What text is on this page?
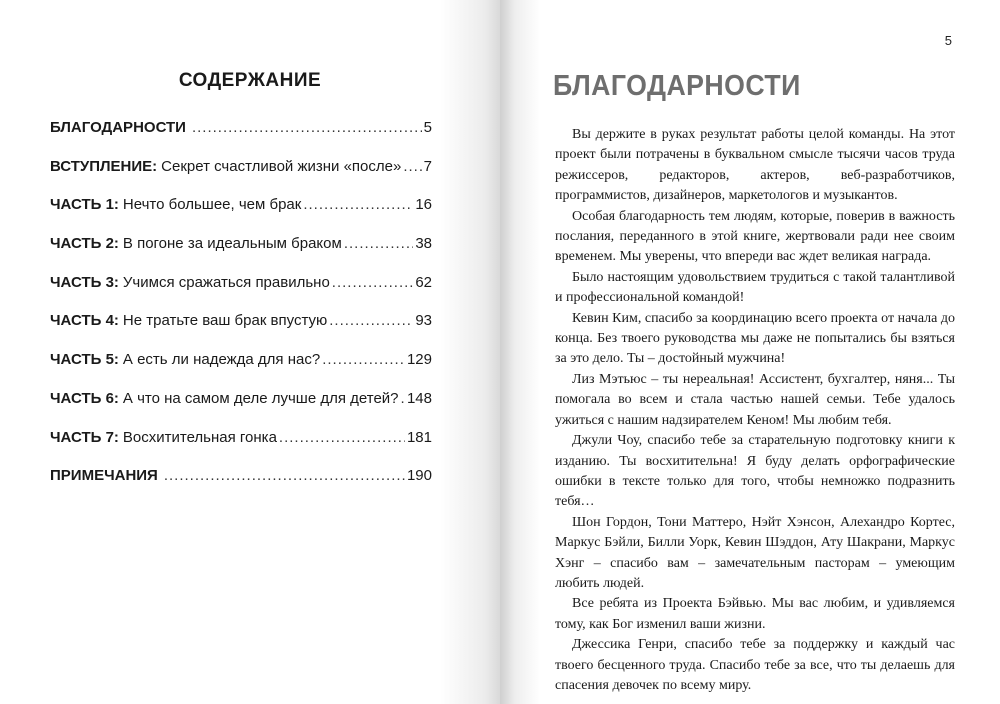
СОДЕРЖАНИЕ
БЛАГОДАРНОСТИ .....	5
ВСТУПЛЕНИЕ: Секрет счастливой жизни «после» ..... 7
ЧАСТЬ 1: Нечто большее, чем брак .....	16
ЧАСТЬ 2: В погоне за идеальным браком .....	38
ЧАСТЬ 3: Учимся сражаться правильно .....	62
ЧАСТЬ 4: Не тратьте ваш брак впустую .....	93
ЧАСТЬ 5: А есть ли надежда для нас? .....	129
ЧАСТЬ 6: А что на самом деле лучше для детей? ..... 148
ЧАСТЬ 7: Восхитительная гонка .....	181
ПРИМЕЧАНИЯ .....	190
5
БЛАГОДАРНОСТИ

Вы держите в руках результат работы целой команды. На этот проект были потрачены в буквальном смысле тысячи часов труда режиссеров, редакторов, актеров, веб-разработчиков, программистов, дизайнеров, маркетологов и музыкантов.

Особая благодарность тем людям, которые, поверив в важность послания, переданного в этой книге, жертвовали ради нее своим временем. Мы уверены, что впереди вас ждет великая награда.

Было настоящим удовольствием трудиться с такой талантливой и профессиональной командой!

Кевин Ким, спасибо за координацию всего проекта от начала до конца. Без твоего руководства мы даже не попытались бы взяться за это дело. Ты – достойный мужчина!

Лиз Мэтьюс – ты нереальная! Ассистент, бухгалтер, няня... Ты помогала во всем и стала частью нашей семьи. Тебе удалось ужиться с нашим надзирателем Кеном! Мы любим тебя.

Джули Чоу, спасибо тебе за старательную подготовку книги к изданию. Ты восхитительна! Я буду делать орфографические ошибки в тексте только для того, чтобы немножко подразнить тебя…

Шон Гордон, Тони Маттеро, Нэйт Хэнсон, Алехандро Кортес, Маркус Бэйли, Билли Уорк, Кевин Шэддон, Ату Шакрани, Маркус Хэнг – спасибо вам – замечательным пасторам – умеющим любить людей.

Все ребята из Проекта Бэйвью. Мы вас любим, и удивляемся тому, как Бог изменил ваши жизни.

Джессика Генри, спасибо тебе за поддержку и каждый час твоего бесценного труда. Спасибо тебе за все, что ты делаешь для спасения девочек по всему миру.
